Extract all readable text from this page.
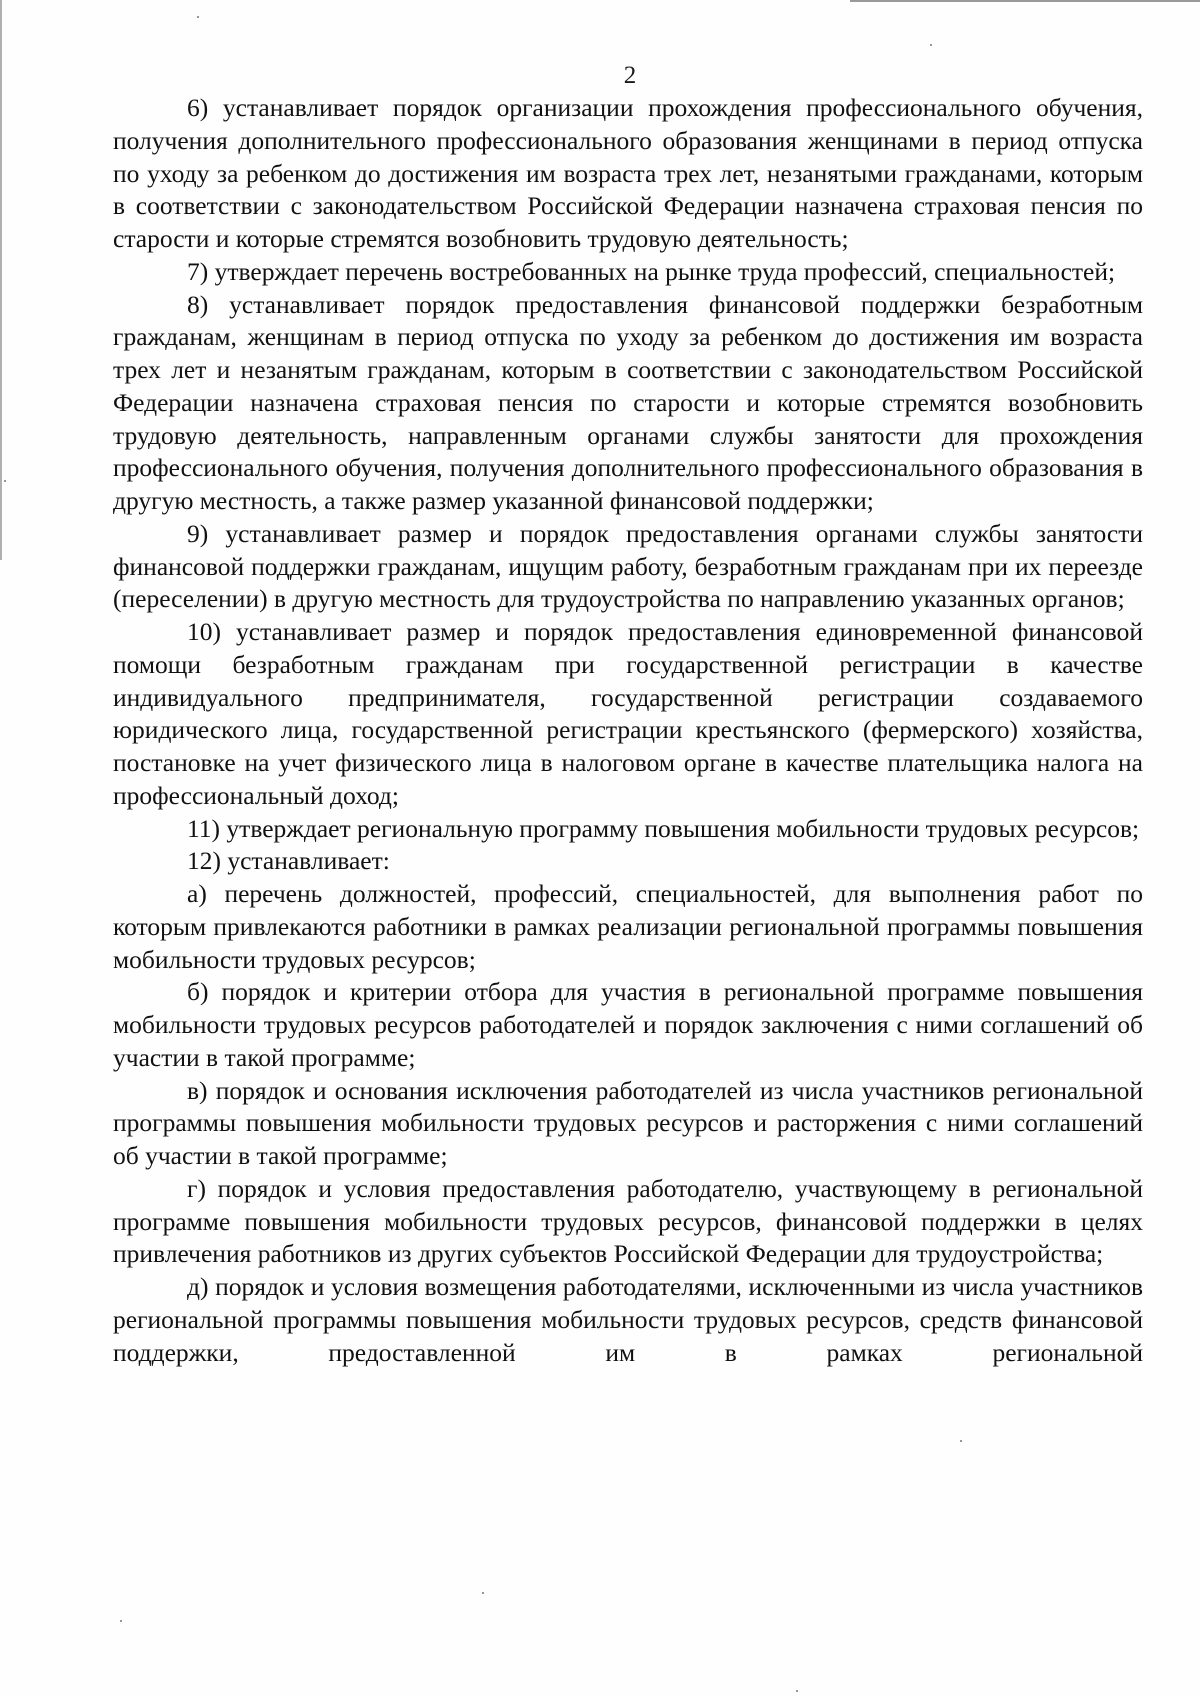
2

6) устанавливает порядок организации прохождения профессионального обучения, получения дополнительного профессионального образования женщинами в период отпуска по уходу за ребенком до достижения им возраста трех лет, незанятыми гражданами, которым в соответствии с законодательством Российской Федерации назначена страховая пенсия по старости и которые стремятся возобновить трудовую деятельность;

7) утверждает перечень востребованных на рынке труда профессий, специальностей;

8) устанавливает порядок предоставления финансовой поддержки безработным гражданам, женщинам в период отпуска по уходу за ребенком до достижения им возраста трех лет и незанятым гражданам, которым в соответствии с законодательством Российской Федерации назначена страховая пенсия по старости и которые стремятся возобновить трудовую деятельность, направленным органами службы занятости для прохождения профессионального обучения, получения дополнительного профессионального образования в другую местность, а также размер указанной финансовой поддержки;

9) устанавливает размер и порядок предоставления органами службы занятости финансовой поддержки гражданам, ищущим работу, безработным гражданам при их переезде (переселении) в другую местность для трудоустройства по направлению указанных органов;

10) устанавливает размер и порядок предоставления единовременной финансовой помощи безработным гражданам при государственной регистрации в качестве индивидуального предпринимателя, государственной регистрации создаваемого юридического лица, государственной регистрации крестьянского (фермерского) хозяйства, постановке на учет физического лица в налоговом органе в качестве плательщика налога на профессиональный доход;

11) утверждает региональную программу повышения мобильности трудовых ресурсов;

12) устанавливает:

а) перечень должностей, профессий, специальностей, для выполнения работ по которым привлекаются работники в рамках реализации региональной программы повышения мобильности трудовых ресурсов;

б) порядок и критерии отбора для участия в региональной программе повышения мобильности трудовых ресурсов работодателей и порядок заключения с ними соглашений об участии в такой программе;

в) порядок и основания исключения работодателей из числа участников региональной программы повышения мобильности трудовых ресурсов и расторжения с ними соглашений об участии в такой программе;

г) порядок и условия предоставления работодателю, участвующему в региональной программе повышения мобильности трудовых ресурсов, финансовой поддержки в целях привлечения работников из других субъектов Российской Федерации для трудоустройства;

д) порядок и условия возмещения работодателями, исключенными из числа участников региональной программы повышения мобильности трудовых ресурсов, средств финансовой поддержки, предоставленной им в рамках региональной
